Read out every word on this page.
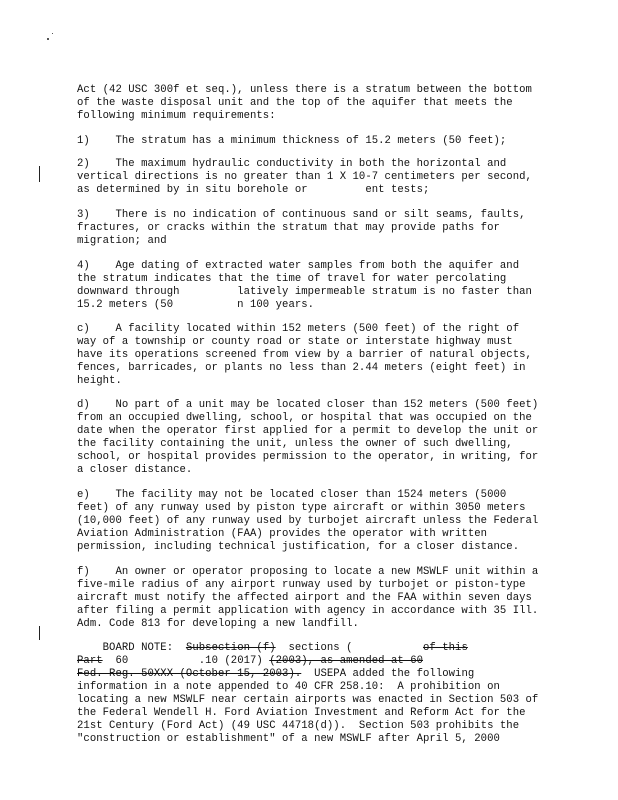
Act (42 USC 300f et seq.), unless there is a stratum between the bottom
of the waste disposal unit and the top of the aquifer that meets the
following minimum requirements:
1)    The stratum has a minimum thickness of 15.2 meters (50 feet);
2)    The maximum hydraulic conductivity in both the horizontal and
vertical directions is no greater than 1 X 10-7 centimeters per second,
as determined by in situ borehole or         ent tests;
3)    There is no indication of continuous sand or silt seams, faults,
fractures, or cracks within the stratum that may provide paths for
migration; and
4)    Age dating of extracted water samples from both the aquifer and
the stratum indicates that the time of travel for water percolating
downward through         latively impermeable stratum is no faster than
15.2 meters (50          n 100 years.
c)    A facility located within 152 meters (500 feet) of the right of
way of a township or county road or state or interstate highway must
have its operations screened from view by a barrier of natural objects,
fences, barricades, or plants no less than 2.44 meters (eight feet) in
height.
d)    No part of a unit may be located closer than 152 meters (500 feet)
from an occupied dwelling, school, or hospital that was occupied on the
date when the operator first applied for a permit to develop the unit or
the facility containing the unit, unless the owner of such dwelling,
school, or hospital provides permission to the operator, in writing, for
a closer distance.
e)    The facility may not be located closer than 1524 meters (5000
feet) of any runway used by piston type aircraft or within 3050 meters
(10,000 feet) of any runway used by turbojet aircraft unless the Federal
Aviation Administration (FAA) provides the operator with written
permission, including technical justification, for a closer distance.
f)    An owner or operator proposing to locate a new MSWLF unit within a
five-mile radius of any airport runway used by turbojet or piston-type
aircraft must notify the affected airport and the FAA within seven days
after filing a permit application with agency in accordance with 35 Ill.
Adm. Code 813 for developing a new landfill.
BOARD NOTE:  Subsection (f)  sections (           of this
Part  60           .10 (2017) (2003), as amended at 60
Fed. Reg. 50XXX (October 15, 2003).  USEPA added the following
information in a note appended to 40 CFR 258.10:  A prohibition on
locating a new MSWLF near certain airports was enacted in Section 503 of
the Federal Wendell H. Ford Aviation Investment and Reform Act for the
21st Century (Ford Act) (49 USC 44718(d)).  Section 503 prohibits the
"construction or establishment" of a new MSWLF after April 5, 2000
